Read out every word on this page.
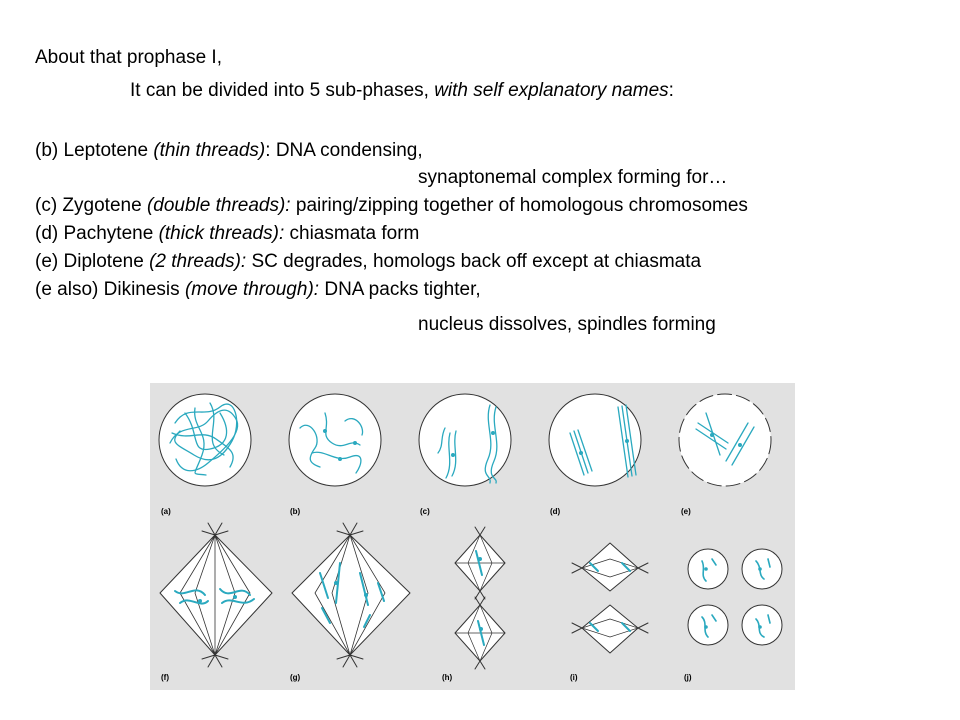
About that prophase I,
It can be divided into 5 sub-phases, with self explanatory names:
(b) Leptotene (thin threads): DNA condensing,
synaptonemal complex forming for…
(c) Zygotene (double threads): pairing/zipping together of homologous chromosomes
(d) Pachytene (thick threads): chiasmata form
(e) Diplotene (2 threads): SC degrades, homologs back off except at chiasmata
(e also) Dikinesis (move through): DNA packs tighter,
nucleus dissolves, spindles forming
(a)	(b)	(c)	(d)	(e)
(f)	(g)	(h)	(i)	(j)
